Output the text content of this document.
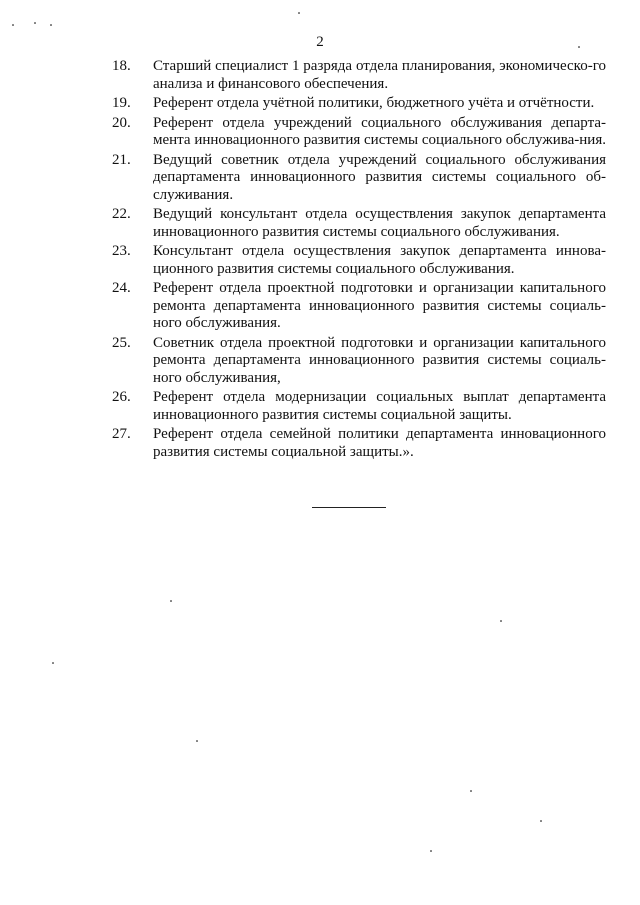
2
18.	Старший специалист 1 разряда отдела планирования, экономическо-го анализа и финансового обеспечения.
19.	Референт отдела учётной политики, бюджетного учёта и отчётности.
20.	Референт отдела учреждений социального обслуживания департа-мента инновационного развития системы социального обслужива-ния.
21.	Ведущий советник отдела учреждений социального обслуживания департамента инновационного развития системы социального об-служивания.
22.	Ведущий консультант отдела осуществления закупок департамента инновационного развития системы социального обслуживания.
23.	Консультант отдела осуществления закупок департамента иннова-ционного развития системы социального обслуживания.
24.	Референт отдела проектной подготовки и организации капитального ремонта департамента инновационного развития системы социаль-ного обслуживания.
25.	Советник отдела проектной подготовки и организации капитального ремонта департамента инновационного развития системы социаль-ного обслуживания,
26.	Референт отдела модернизации социальных выплат департамента инновационного развития системы социальной защиты.
27.	Референт отдела семейной политики департамента инновационного развития системы социальной защиты.».
